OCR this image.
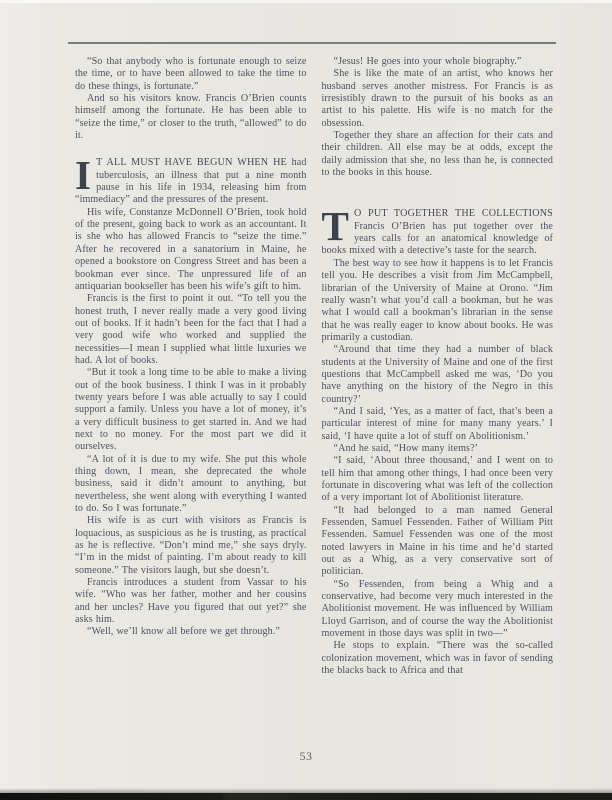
“So that anybody who is fortunate enough to seize the time, or to have been allowed to take the time to do these things, is fortunate.”

And so his visitors know. Francis O’Brien counts himself among the fortunate. He has been able to “seize the time,” or closer to the truth, “allowed” to do it.

I T ALL MUST HAVE BEGUN WHEN HE had tuberculosis, an illness that put a nine month pause in his life in 1934, releasing him from “immediacy” and the pressures of the present.

His wife, Constanze McDonnell O’Brien, took hold of the present, going back to work as an accountant. It is she who has allowed Francis to “seize the time.” After he recovered in a sanatorium in Maine, he opened a bookstore on Congress Street and has been a bookman ever since. The unpressured life of an antiquarian bookseller has been his wife’s gift to him.

Francis is the first to point it out. “To tell you the honest truth, I never really made a very good living out of books. If it hadn’t been for the fact that I had a very good wife who worked and supplied the necessities—I mean I supplied what little luxuries we had. A lot of books.

“But it took a long time to be able to make a living out of the book business. I think I was in it probably twenty years before I was able actually to say I could support a family. Unless you have a lot of money, it’s a very difficult business to get started in. And we had next to no money. For the most part we did it ourselves.

“A lot of it is due to my wife. She put this whole thing down, I mean, she deprecated the whole business, said it didn’t amount to anything, but nevertheless, she went along with everything I wanted to do. So I was fortunate.”

His wife is as curt with visitors as Francis is loquacious, as suspicious as he is trusting, as practical as he is reflective. “Don’t mind me,” she says dryly. “I’m in the midst of painting. I’m about ready to kill someone.” The visitors laugh, but she doesn’t.

Francis introduces a student from Vassar to his wife. “Who was her father, mother and her cousins and her uncles? Have you figured that out yet?” she asks him.

“Well, we’ll know all before we get through.”

“Jesus! He goes into your whole biography.”

She is like the mate of an artist, who knows her husband serves another mistress. For Francis is as irresistibly drawn to the pursuit of his books as an artist to his palette. His wife is no match for the obsession.

Together they share an affection for their cats and their children. All else may be at odds, except the daily admission that she, no less than he, is connected to the books in this house.

T O PUT TOGETHER THE COLLECTIONS Francis O’Brien has put together over the years calls for an anatomical knowledge of books mixed with a detective’s taste for the search.

The best way to see how it happens is to let Francis tell you. He describes a visit from Jim McCampbell, librarian of the University of Maine at Orono. “Jim really wasn’t what you’d call a bookman, but he was what I would call a bookman’s librarian in the sense that he was really eager to know about books. He was primarily a custodian.

“Around that time they had a number of black students at the University of Maine and one of the first questions that McCampbell asked me was, ‘Do you have anything on the history of the Negro in this country?’

“And I said, ‘Yes, as a matter of fact, that’s been a particular interest of mine for many many years.’ I said, ‘I have quite a lot of stuff on Abolitionism.’

“And he said, “How many items?’

“I said, ‘About three thousand,’ and I went on to tell him that among other things, I had once been very fortunate in discovering what was left of the collection of a very important lot of Abolitionist literature.

“It had belonged to a man named General Fessenden, Samuel Fessenden. Father of William Pitt Fessenden. Samuel Fessenden was one of the most noted lawyers in Maine in his time and he’d started out as a Whig, as a very conservative sort of politician.

“So Fessenden, from being a Whig and a conservative, had become very much interested in the Abolitionist movement. He was influenced by William Lloyd Garrison, and of course the way the Abolitionist movement in those days was split in two—”

He stops to explain. “There was the so-called colonization movement, which was in favor of sending the blacks back to Africa and that

53
